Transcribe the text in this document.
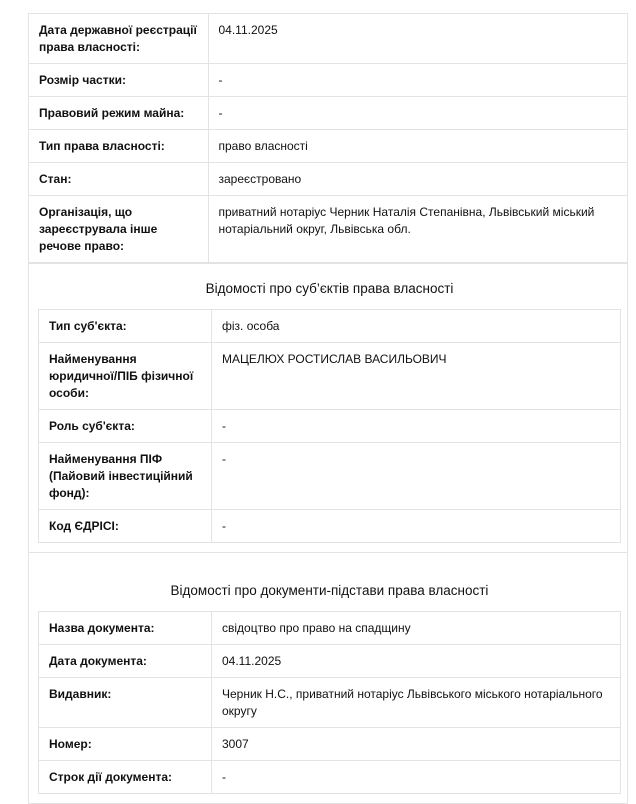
Дата державної реєстрації права власності:	04.11.2025
Розмір частки:	-
Правовий режим майна:	-
Тип права власності:	право власності
Стан:	зареєстровано
Організація, що зареєструвала інше речове право:	приватний нотаріус Черник Наталія Степанівна, Львівський міський нотаріальний округ, Львівська обл.
Відомості про суб’єктів права власності
Тип суб'єкта:	фіз. особа
Найменування юридичної/ПІБ фізичної особи:	МАЦЕЛЮХ РОСТИСЛАВ ВАСИЛЬОВИЧ
Роль суб'єкта:	-
Найменування ПІФ (Пайовий інвестиційний фонд):	-
Код ЄДРІСІ:	-
Відомості про документи-підстави права власності
Назва документа:	свідоцтво про право на спадщину
Дата документа:	04.11.2025
Видавник:	Черник Н.С., приватний нотаріус Львівського міського нотаріального округу
Номер:	3007
Строк дії документа:	-
